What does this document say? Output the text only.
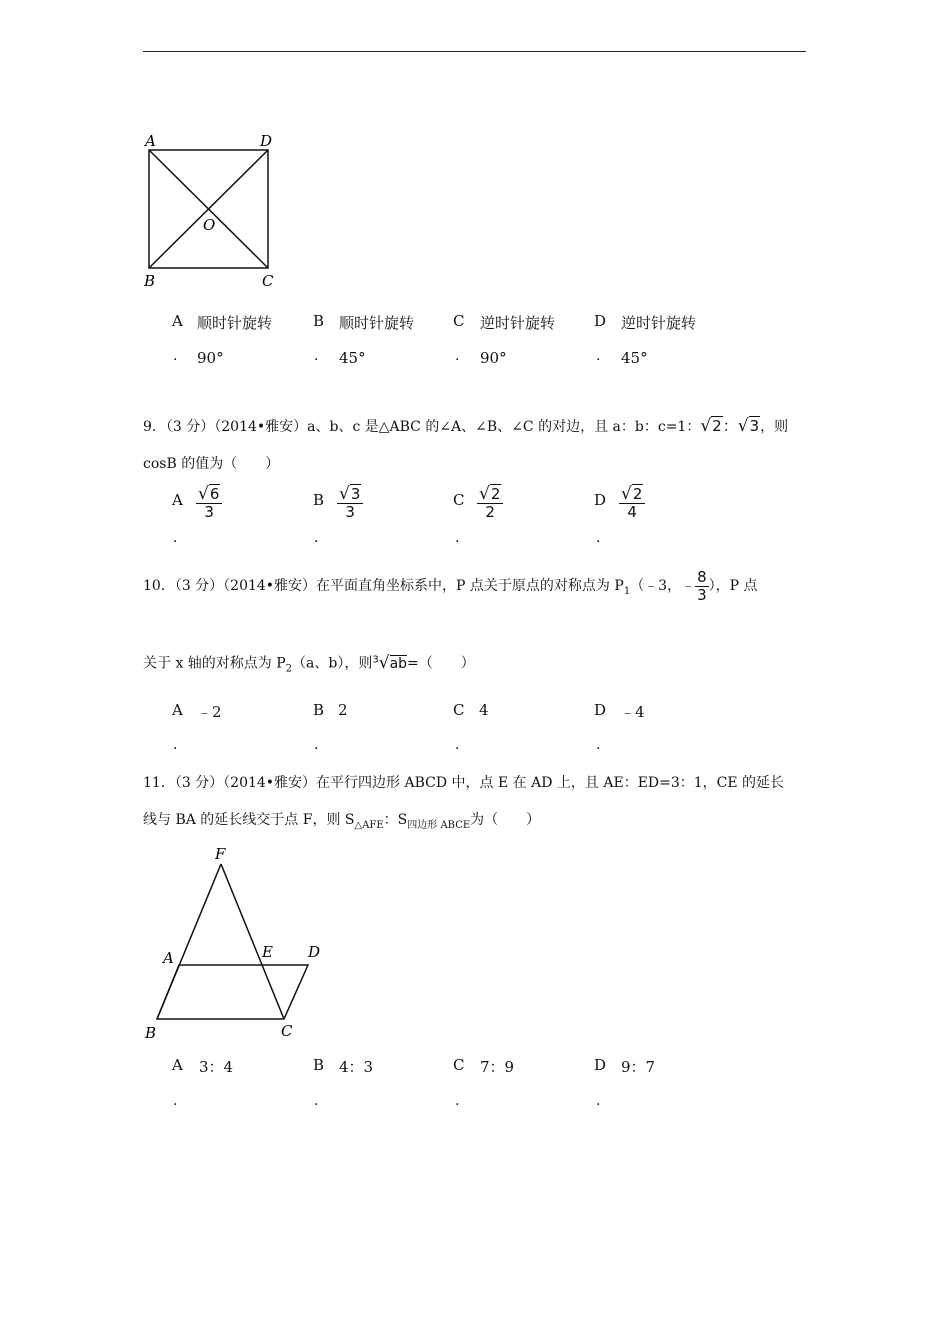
A	D
O
B	C
A 顺时针旋转
. 90°
B 顺时针旋转
. 45°
C 逆时针旋转
. 90°
D 逆时针旋转
. 45°
9．（3 分）（2014•雅安）a、b、c 是△ABC 的∠A、∠B、∠C 的对边，且 a：b：c=1：√2：√3，则
cosB 的值为（　　）
A $\frac{√6}{3}$
.
B $\frac{√3}{3}$
.
C $\frac{√2}{2}$
.
D $\frac{√2}{4}$
.
10．（3 分）（2014•雅安）在平面直角坐标系中，P 点关于原点的对称点为 $P_1(﹣3$，﹣ $\frac{8}{3}$ ），P 点
关于 x 轴的对称点为 $P_2(a$、b），则$^3$√ab=（　　）
A ﹣2
.
B 2
.
C 4
.
D ﹣4
.
11．（3 分）（2014•雅安）在平行四边形 ABCD 中，点 E 在 AD 上，且 AE：ED=3：1，CE 的延长
线与 BA 的延长线交于点 F，则 $S_{\triangle AFE}$：$S_{四边形 ABCE}$为（　　）
F
A	E D
B	C
A 3：4
.
B 4：3
.
C 7：9
.
D 9：7
.
